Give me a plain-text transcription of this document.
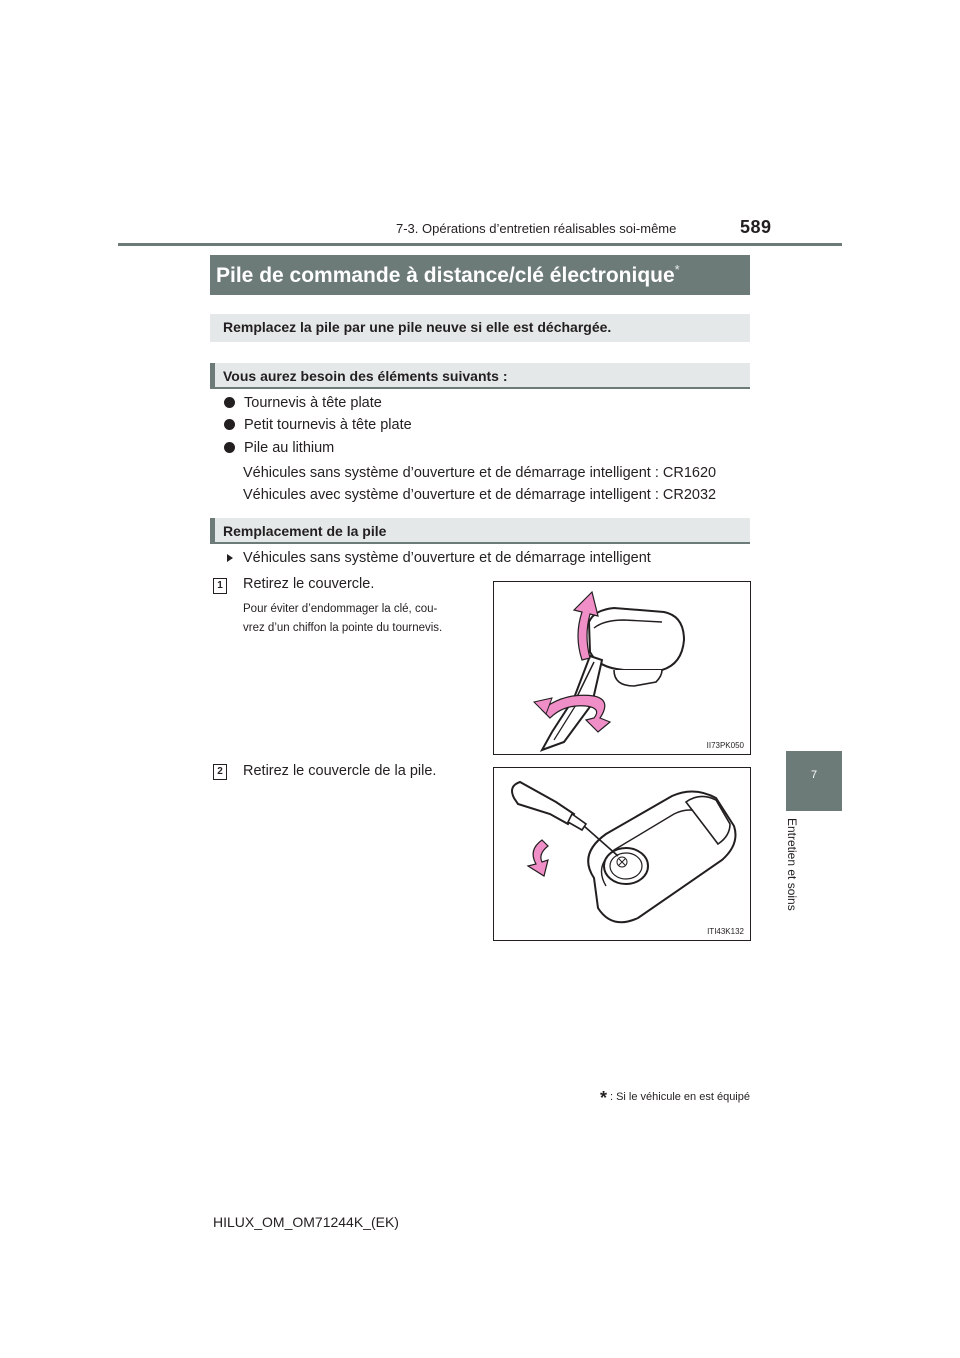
7-3. Opérations d’entretien réalisables soi-même	589
7
Entretien et soins
Pile de commande à distance/clé électronique*
Remplacez la pile par une pile neuve si elle est déchargée.
Vous aurez besoin des éléments suivants :
Tournevis à tête plate
Petit tournevis à tête plate
Pile au lithium
Véhicules sans système d’ouverture et de démarrage intelligent : CR1620
Véhicules avec système d’ouverture et de démarrage intelligent : CR2032
Remplacement de la pile
Véhicules sans système d’ouverture et de démarrage intelligent
1 Retirez le couvercle.
Pour éviter d’endommager la clé, cou-
vrez d’un chiffon la pointe du tournevis.
II73PK050
2 Retirez le couvercle de la pile.
ITI43K132
* : Si le véhicule en est équipé
HILUX_OM_OM71244K_(EK)
